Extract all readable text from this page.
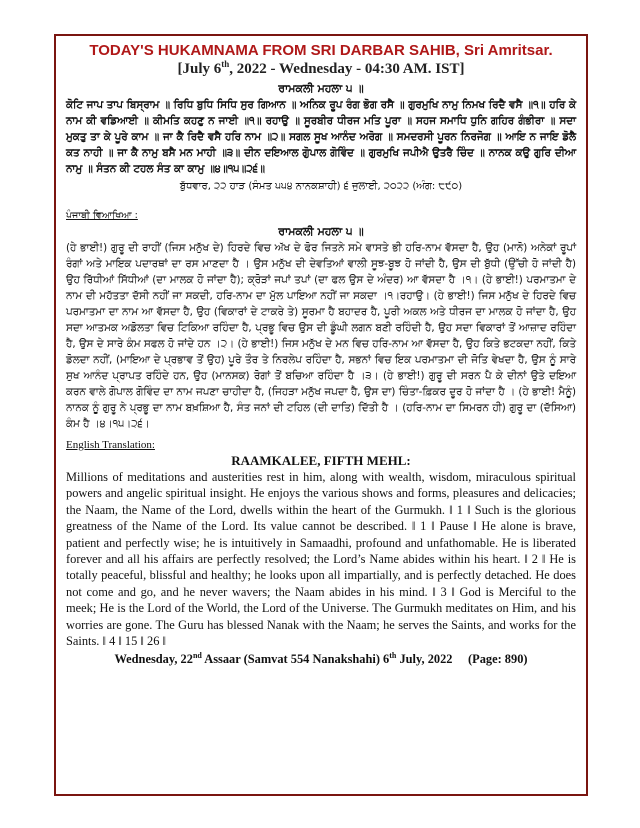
TODAY'S HUKAMNAMA FROM SRI DARBAR SAHIB, Sri Amritsar.

[July 6th, 2022 - Wednesday - 04:30 AM. IST]

ਰਾਮਕਲੀ ਮਹਲਾ ੫ ॥

ਕੋਟਿ ਜਾਪ ਤਾਪ ਬਿਸ੍ਰਾਮ ॥ ਰਿਧਿ ਬੁਧਿ ਸਿਧਿ ਸੁਰ ਗਿਆਨ ॥ ਅਨਿਕ ਰੂਪ ਰੰਗ ਭੋਗ ਰਸੈ ॥ ਗੁਰਮੁਖਿ ਨਾਮੁ ਨਿਮਖ ਰਿਦੈ ਵਸੈ ॥੧॥ ਹਰਿ ਕੇ ਨਾਮ ਕੀ ਵਡਿਆਈ ॥ ਕੀਮਤਿ ਕਹਣੁ ਨ ਜਾਈ ॥੧॥ ਰਹਾਉ ॥ ਸੂਰਬੀਰ ਧੀਰਜ ਮਤਿ ਪੂਰਾ ॥ ਸਹਜ ਸਮਾਧਿ ਧੁਨਿ ਗਹਿਰ ਗੰਭੀਰਾ ॥ ਸਦਾ ਮੁਕਤੁ ਤਾ ਕੇ ਪੂਰੇ ਕਾਮ ॥ ਜਾ ਕੈ ਰਿਦੈ ਵਸੈ ਹਰਿ ਨਾਮ ॥੨॥ ਸਗਲ ਸੂਖ ਆਨੰਦ ਅਰੋਗ ॥ ਸਮਦਰਸੀ ਪੂਰਨ ਨਿਰਜੋਗ ॥ ਆਇ ਨ ਜਾਇ ਡੋਲੈ ਕਤ ਨਾਹੀ ॥ ਜਾ ਕੈ ਨਾਮੁ ਬਸੈ ਮਨ ਮਾਹੀ ॥੩॥ ਦੀਨ ਦਇਆਲ ਗੋੁਪਾਲ ਗੋਵਿੰਦ ॥ ਗੁਰਮੁਖਿ ਜਪੀਐ ਉਤਰੈ ਚਿੰਦ ॥ ਨਾਨਕ ਕਉ ਗੁਰਿ ਦੀਆ ਨਾਮੁ ॥ ਸੰਤਨ ਕੀ ਟਹਲ ਸੰਤ ਕਾ ਕਾਮੁ ॥੪॥੧੫॥੨੬॥

ਬੁੱਧਵਾਰ, ੨੨ ਹਾੜ (ਸੰਮਤ ੫੫੪ ਨਾਨਕਸ਼ਾਹੀ) ੬ ਜੁਲਾਈ, ੨੦੨੨ (ਅੰਗ: ੮੯੦)

ਪੰਜਾਬੀ ਵਿਆਖਿਆ :

ਰਾਮਕਲੀ ਮਹਲਾ ੫ ॥

(ਹੇ ਭਾਈ!) ਗੁਰੂ ਦੀ ਰਾਹੀਂ (ਜਿਸ ਮਨੁੱਖ ਦੇ) ਹਿਰਦੇ ਵਿਚ ਅੱਖ ਦੇ ਫੋਰ ਜਿਤਨੇ ਸਮੇ ਵਾਸਤੇ ਭੀ ਹਰਿ-ਨਾਮ ਵੱਸਦਾ ਹੈ, ਉਹ (ਮਾਨੋ) ਅਨੇਕਾਂ ਰੂਪਾਂ ਰੰਗਾਂ ਅਤੇ ਮਾਇਕ ਪਦਾਰਥਾਂ ਦਾ ਰਸ ਮਾਣਦਾ ਹੈ । ਉਸ ਮਨੁੱਖ ਦੀ ਦੇਵਤਿਆਂ ਵਾਲੀ ਸੂਝ-ਬੂਝ ਹੋ ਜਾਂਦੀ ਹੈ, ਉਸ ਦੀ ਬੁੱਧੀ (ਉੱਚੀ ਹੋ ਜਾਂਦੀ ਹੈ) ਉਹ ਰਿੱਧੀਆਂ ਸਿੱਧੀਆਂ (ਦਾ ਮਾਲਕ ਹੋ ਜਾਂਦਾ ਹੈ); ਕ੍ਰੋੜਾਂ ਜਪਾਂ ਤਪਾਂ (ਦਾ ਫਲ ਉਸ ਦੇ ਅੰਦਰ) ਆ ਵੱਸਦਾ ਹੈ ।੧। (ਹੇ ਭਾਈ!) ਪਰਮਾਤਮਾ ਦੇ ਨਾਮ ਦੀ ਮਹੱਤਤਾ ਦੱਸੀ ਨਹੀਂ ਜਾ ਸਕਦੀ, ਹਰਿ-ਨਾਮ ਦਾ ਮੁੱਲ ਪਾਇਆ ਨਹੀਂ ਜਾ ਸਕਦਾ ।੧।ਰਹਾਉ। (ਹੇ ਭਾਈ!) ਜਿਸ ਮਨੁੱਖ ਦੇ ਹਿਰਦੇ ਵਿਚ ਪਰਮਾਤਮਾ ਦਾ ਨਾਮ ਆ ਵੱਸਦਾ ਹੈ, ਉਹ (ਵਿਕਾਰਾਂ ਦੇ ਟਾਕਰੇ ਤੇ) ਸੂਰਮਾ ਹੈ ਬਹਾਦਰ ਹੈ, ਪੂਰੀ ਅਕਲ ਅਤੇ ਧੀਰਜ ਦਾ ਮਾਲਕ ਹੋ ਜਾਂਦਾ ਹੈ, ਉਹ ਸਦਾ ਆਤਮਕ ਅਡੋਲਤਾ ਵਿਚ ਟਿਕਿਆ ਰਹਿੰਦਾ ਹੈ, ਪ੍ਰਭੂ ਵਿਚ ਉਸ ਦੀ ਡੂੰਘੀ ਲਗਨ ਬਣੀ ਰਹਿੰਦੀ ਹੈ, ਉਹ ਸਦਾ ਵਿਕਾਰਾਂ ਤੋਂ ਆਜ਼ਾਦ ਰਹਿੰਦਾ ਹੈ, ਉਸ ਦੇ ਸਾਰੇ ਕੰਮ ਸਫਲ ਹੋ ਜਾਂਦੇ ਹਨ ।੨। (ਹੇ ਭਾਈ!) ਜਿਸ ਮਨੁੱਖ ਦੇ ਮਨ ਵਿਚ ਹਰਿ-ਨਾਮ ਆ ਵੱਸਦਾ ਹੈ, ਉਹ ਕਿਤੇ ਭਟਕਦਾ ਨਹੀਂ, ਕਿਤੇ ਡੋਲਦਾ ਨਹੀਂ, (ਮਾਇਆ ਦੇ ਪ੍ਰਭਾਵ ਤੋਂ ਉਹ) ਪੂਰੇ ਤੌਰ ਤੇ ਨਿਰਲੇਪ ਰਹਿੰਦਾ ਹੈ, ਸਭਨਾਂ ਵਿਚ ਇਕ ਪਰਮਾਤਮਾ ਦੀ ਜੋਤਿ ਵੇਖਦਾ ਹੈ, ਉਸ ਨੂੰ ਸਾਰੇ ਸੁਖ ਆਨੰਦ ਪ੍ਰਾਪਤ ਰਹਿੰਦੇ ਹਨ, ਉਹ (ਮਾਨਸਕ) ਰੋਗਾਂ ਤੋਂ ਬਚਿਆ ਰਹਿੰਦਾ ਹੈ ।੩। (ਹੇ ਭਾਈ!) ਗੁਰੂ ਦੀ ਸਰਨ ਪੈ ਕੇ ਦੀਨਾਂ ਉਤੇ ਦਇਆ ਕਰਨ ਵਾਲੇ ਗੋਪਾਲ ਗੋਵਿੰਦ ਦਾ ਨਾਮ ਜਪਣਾ ਚਾਹੀਦਾ ਹੈ, (ਜਿਹੜਾ ਮਨੁੱਖ ਜਪਦਾ ਹੈ, ਉਸ ਦਾ) ਚਿੰਤਾ-ਫ਼ਿਕਰ ਦੂਰ ਹੋ ਜਾਂਦਾ ਹੈ । (ਹੇ ਭਾਈ! ਮੈਨੂੰ) ਨਾਨਕ ਨੂੰ ਗੁਰੂ ਨੇ ਪ੍ਰਭੂ ਦਾ ਨਾਮ ਬਖ਼ਸ਼ਿਆ ਹੈ, ਸੰਤ ਜਨਾਂ ਦੀ ਟਹਿਲ (ਦੀ ਦਾਤਿ) ਦਿੱਤੀ ਹੈ । (ਹਰਿ-ਨਾਮ ਦਾ ਸਿਮਰਨ ਹੀ) ਗੁਰੂ ਦਾ (ਦੱਸਿਆ) ਕੰਮ ਹੈ ।੪।੧੫।੨੬।

English Translation:

RAAMKALEE, FIFTH MEHL:

Millions of meditations and austerities rest in him, along with wealth, wisdom, miraculous spiritual powers and angelic spiritual insight. He enjoys the various shows and forms, pleasures and delicacies; the Naam, the Name of the Lord, dwells within the heart of the Gurmukh. ‖ 1 ‖ Such is the glorious greatness of the Name of the Lord. Its value cannot be described. ‖ 1 ‖ Pause ‖ He alone is brave, patient and perfectly wise; he is intuitively in Samaadhi, profound and unfathomable. He is liberated forever and all his affairs are perfectly resolved; the Lord’s Name abides within his heart. ‖ 2 ‖ He is totally peaceful, blissful and healthy; he looks upon all impartially, and is perfectly detached. He does not come and go, and he never wavers; the Naam abides in his mind. ‖ 3 ‖ God is Merciful to the meek; He is the Lord of the World, the Lord of the Universe. The Gurmukh meditates on Him, and his worries are gone. The Guru has blessed Nanak with the Naam; he serves the Saints, and works for the Saints. ‖ 4 ‖ 15 ‖ 26 ‖

Wednesday, 22nd Assaar (Samvat 554 Nanakshahi) 6th July, 2022 (Page: 890)
